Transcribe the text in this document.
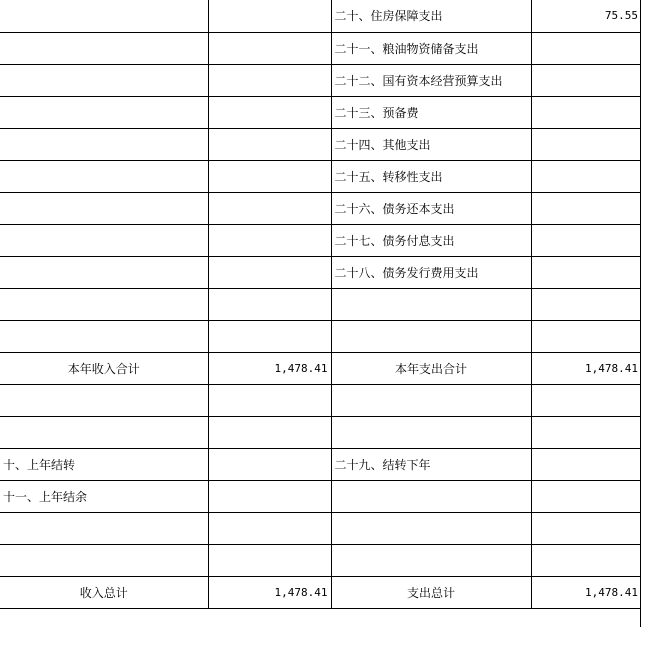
		二十、住房保障支出	75.55
		二十一、粮油物资储备支出	
		二十二、国有资本经营预算支出	
		二十三、预备费	
		二十四、其他支出	
		二十五、转移性支出	
		二十六、债务还本支出	
		二十七、债务付息支出	
		二十八、债务发行费用支出	

本年收入合计	1,478.41	本年支出合计	1,478.41

十、上年结转		二十九、结转下年	
十一、上年结余			

收入总计	1,478.41	支出总计	1,478.41
